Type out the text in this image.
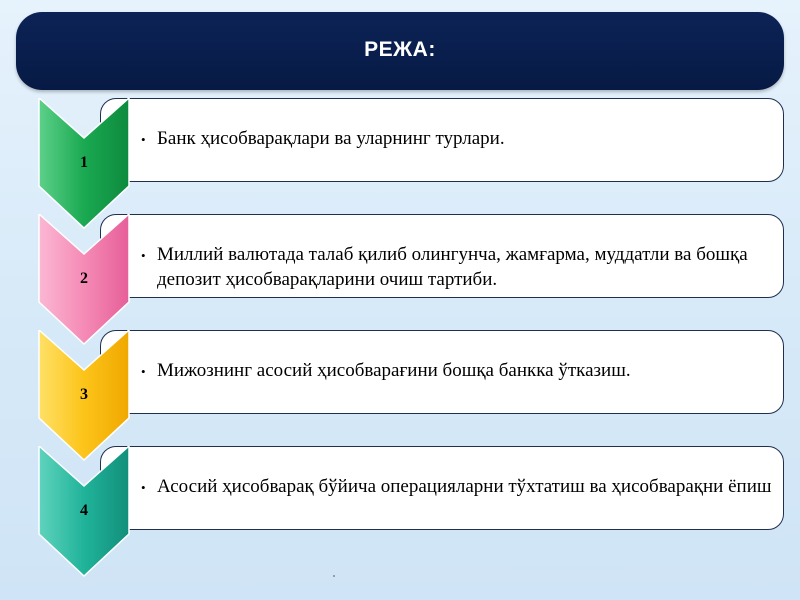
РЕЖА:
• Банк ҳисобварақлари ва уларнинг турлари.
1
• Миллий валютада талаб қилиб олингунча, жамғарма, муддатли ва бошқа депозит ҳисобварақларини очиш тартиби.
2
• Мижознинг асосий ҳисобварағини бошқа банкка ўтказиш.
3
• Асосий ҳисобварақ бўйича операцияларни тўхтатиш ва ҳисобварақни ёпиш
4
